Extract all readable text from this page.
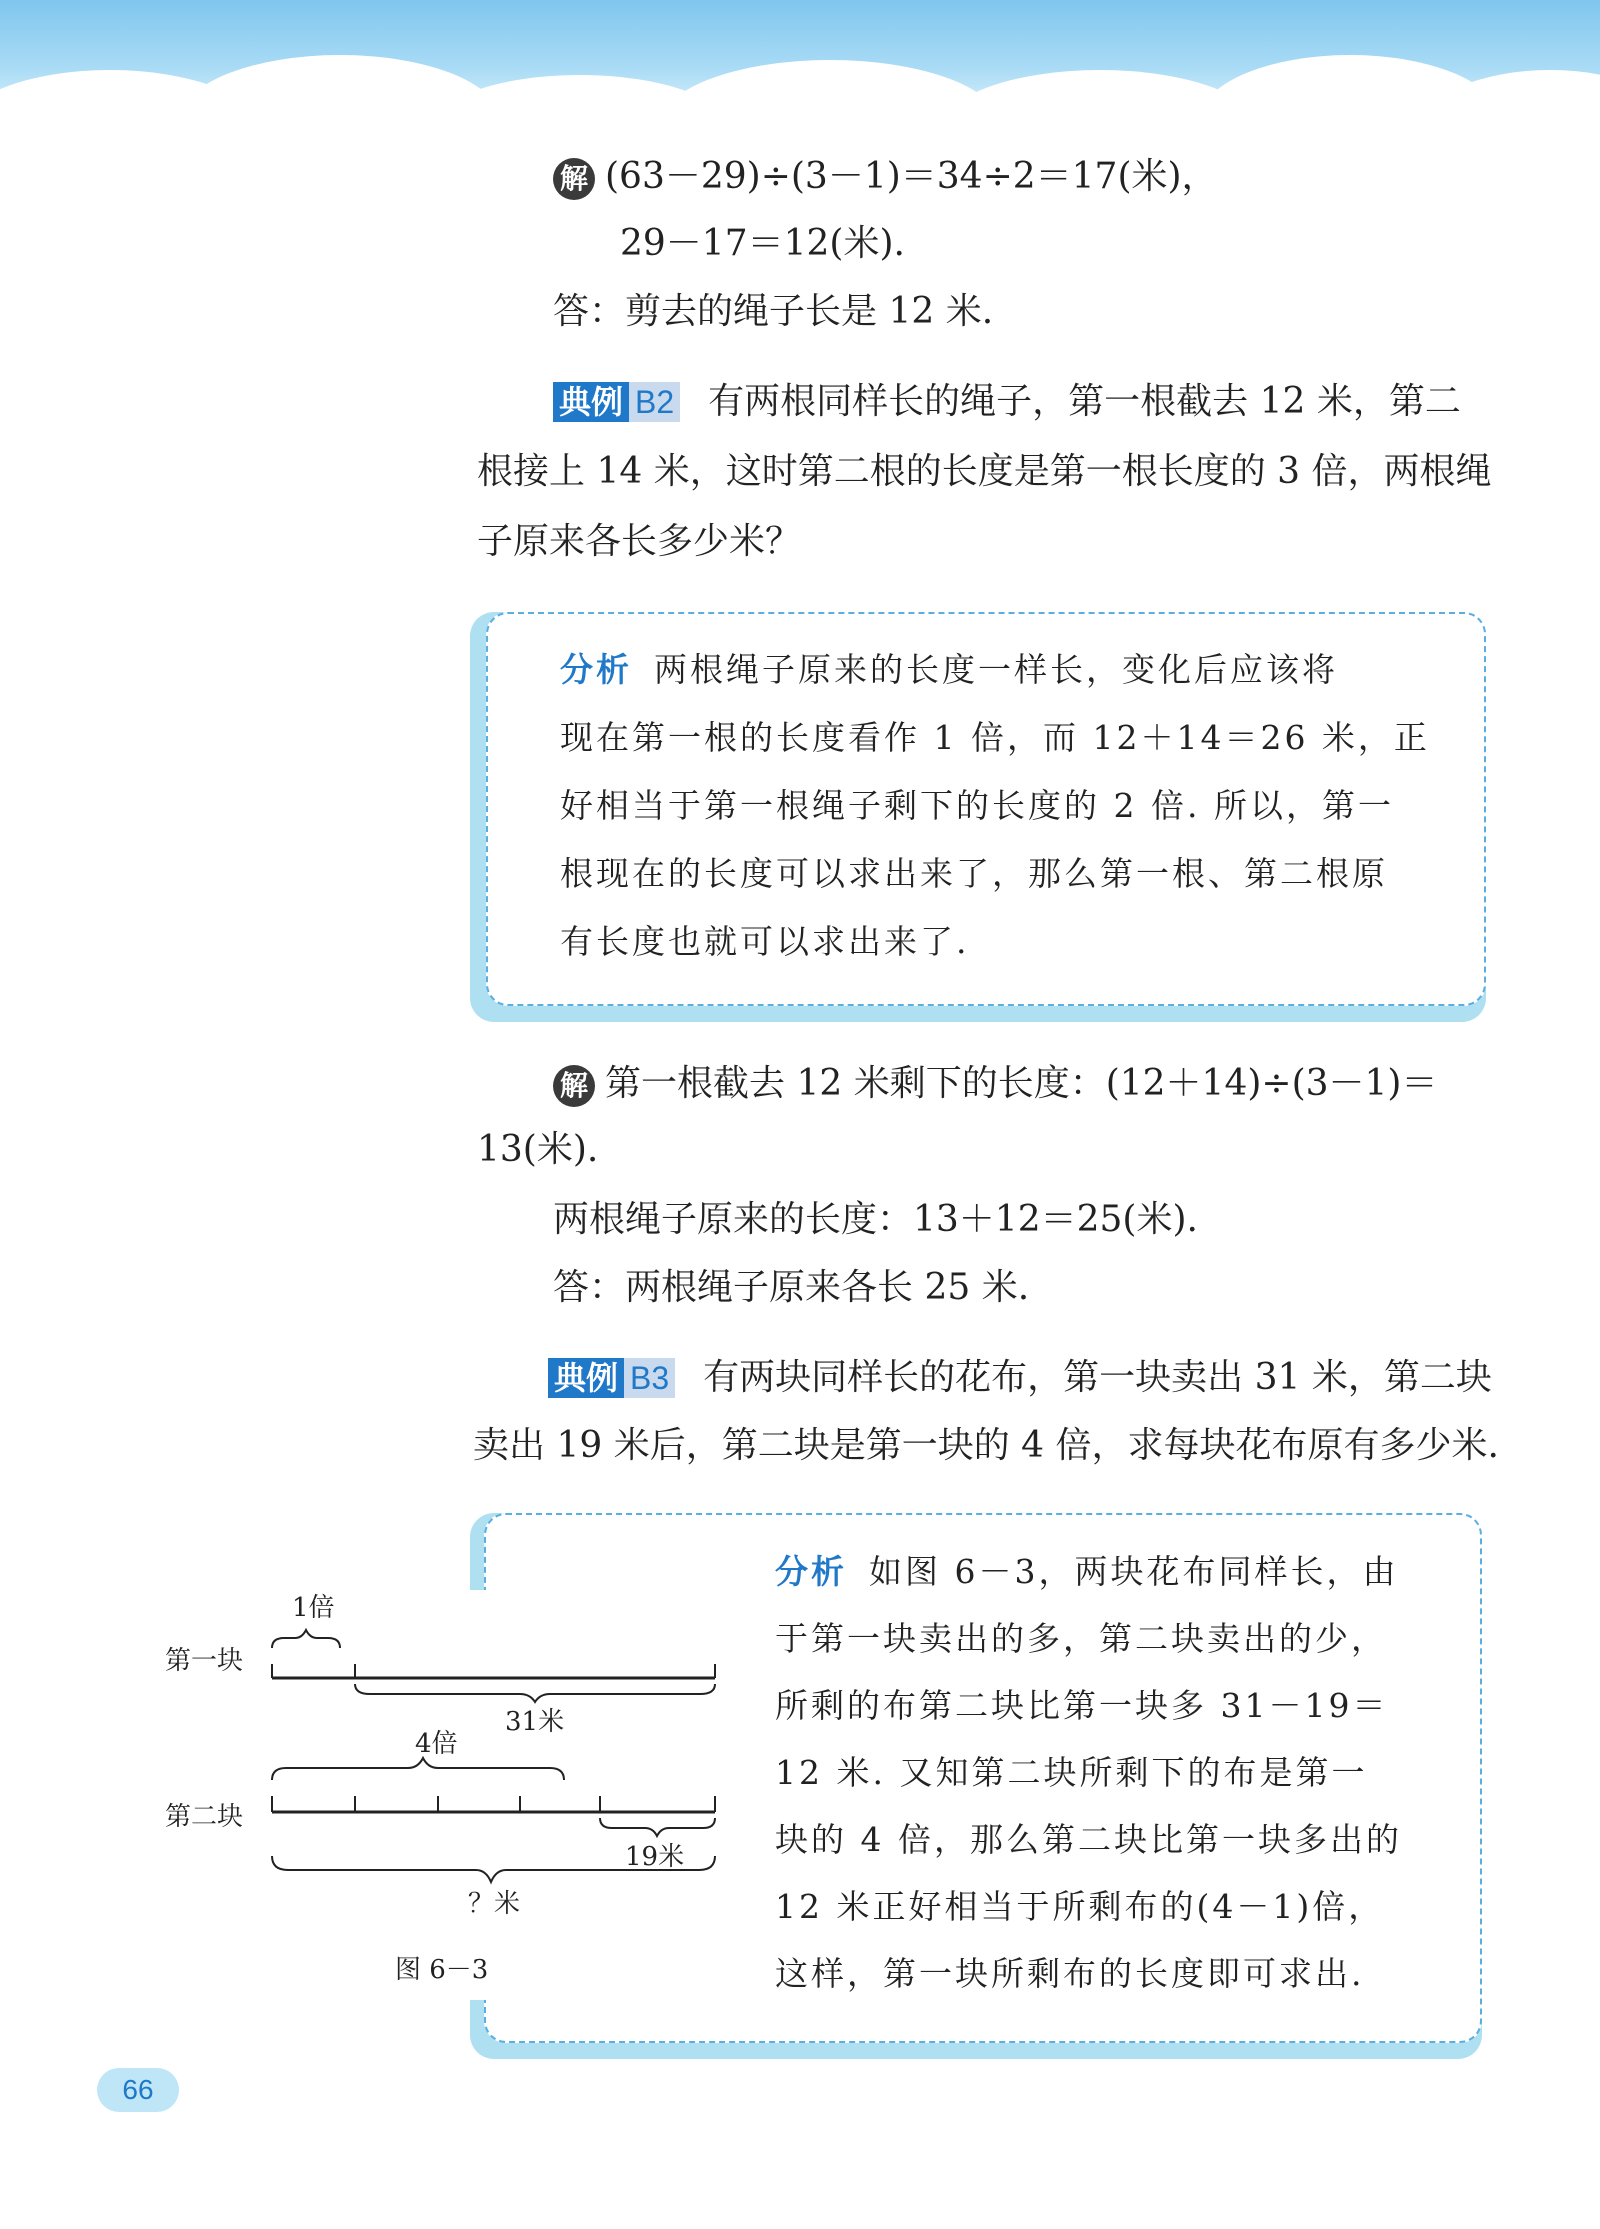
解 (63－29)÷(3－1)＝34÷2＝17(米)，
29－17＝12(米).
答：剪去的绳子长是 12 米.
典例 B2 有两根同样长的绳子，第一根截去 12 米，第二
根接上 14 米，这时第二根的长度是第一根长度的 3 倍，两根绳
子原来各长多少米？
分析 两根绳子原来的长度一样长，变化后应该将
现在第一根的长度看作 1 倍，而 12＋14＝26 米，正
好相当于第一根绳子剩下的长度的 2 倍. 所以，第一
根现在的长度可以求出来了，那么第一根、第二根原
有长度也就可以求出来了.
解 第一根截去 12 米剩下的长度：(12＋14)÷(3－1)＝
13(米).
两根绳子原来的长度：13＋12＝25(米).
答：两根绳子原来各长 25 米.
典例 B3 有两块同样长的花布，第一块卖出 31 米，第二块
卖出 19 米后，第二块是第一块的 4 倍，求每块花布原有多少米.
第一块
1倍
31米
4倍
第二块
19米
？米
图 6－3
分析 如图 6－3，两块花布同样长，由
于第一块卖出的多，第二块卖出的少，
所剩的布第二块比第一块多 31－19＝
12 米. 又知第二块所剩下的布是第一
块的 4 倍，那么第二块比第一块多出的
12 米正好相当于所剩布的(4－1)倍，
这样，第一块所剩布的长度即可求出.
66
